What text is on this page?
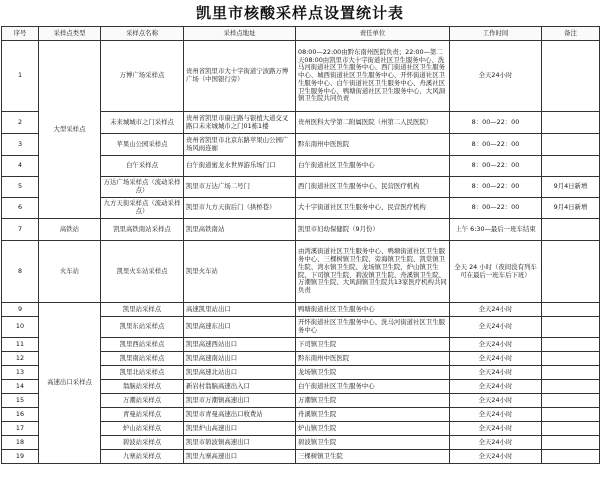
凯里市核酸采样点设置统计表
序号	采样点类型	采样点名称	采样点地址	责任单位	工作时间	备注
1	大型采样点	万博广场采样点	贵州省凯里市大十字街道宁波路万博广场（中国银行旁）	08:00—22:00由黔东南州医院负责；22:00—第二天08:00由凯里市大十字街道社区卫生服务中心、洗马河街道社区卫生服务中心、西门街道社区卫生服务中心、城西街道社区卫生服务中心、开怀街道社区卫生服务中心、白午街道社区卫生服务中心、舟溪社区卫生服务中心、鸭塘街道社区卫生服务中心、大风洞镇卫生院共同负责	全天24小时	
2		未来城城市之门采样点	贵州省凯里市康庄路与银植大道交叉路口未来城城市之门01栋1楼	贵州医科大学第二附属医院（州第二人民医院）	8：00—22：00	
3		苹果山公园采样点	贵州省凯里市北京东路苹果山公园广场风雨连廊	黔东南州中医医院	8：00—22：00	
4		白午采样点	白午街道蜜龙水世界游乐场门口	白午街道社区卫生服务中心	8：00—22：00	
5		万达广场采样点（流动采样点）	凯里市万达广场二号门	西门街道社区卫生服务中心、民营医疗机构	8：00—22：00	9月4日新增
6		九方天街采样点（流动采样点）	凯里市九方天街后门（拱桥巷）	大十字街道社区卫生服务中心、民营医疗机构	8：00—22：00	9月4日新增
7	高铁站	凯里高铁南站采样点	凯里高铁南站	凯里市妇幼保健院（9月份）	上午 6:30—最后一班车结束	
8	火车站	凯里火车站采样点	凯里火车站	由湾溪街道社区卫生服务中心、鸭塘街道社区卫生服务中心、三棵树镇卫生院、旁海镇卫生院、凯棠镇卫生院、湾水镇卫生院、龙场镇卫生院、炉山镇卫生院、下司镇卫生院、碧波镇卫生院、舟溪镇卫生院、万潮镇卫生院、大风洞镇卫生院共13家医疗机构共同负责	全天 24 小时（夜间没有列车可在最后一班车后下班）	
9	高速出口采样点	凯里站采样点	高速凯里站出口	鸭塘街道社区卫生服务中心	全天24小时	
10		凯里东站采样点	凯里高速东出口	开怀街道社区卫生服务中心、洗马河街道社区卫生服务中心	全天24小时	
11		凯里西站采样点	凯里高速西站出口	下司镇卫生院	全天24小时	
12		凯里南站采样点	凯里高速南站出口	黔东南州中医医院	全天24小时	
13		凯里北站采样点	凯里高速北站出口	龙场镇卫生院	全天24小时	
14		翁脑站采样点	新岩村翁脑高速出入口	白午街道社区卫生服务中心	全天24小时	
15		万潮站采样点	凯里市万潮镇高速出口	万潮镇卫生院	全天24小时	
16		青曼站采样点	凯里市青曼高速出口收费站	舟溪镇卫生院	全天24小时	
17		炉山站采样点	凯里炉山高速出口	炉山镇卫生院	全天24小时	
18		碧波站采样点	凯里市碧波镇高速出口	碧波镇卫生院	全天24小时	
19		九寨站采样点	凯里九寨高速出口	三棵树镇卫生院	全天24小时	
